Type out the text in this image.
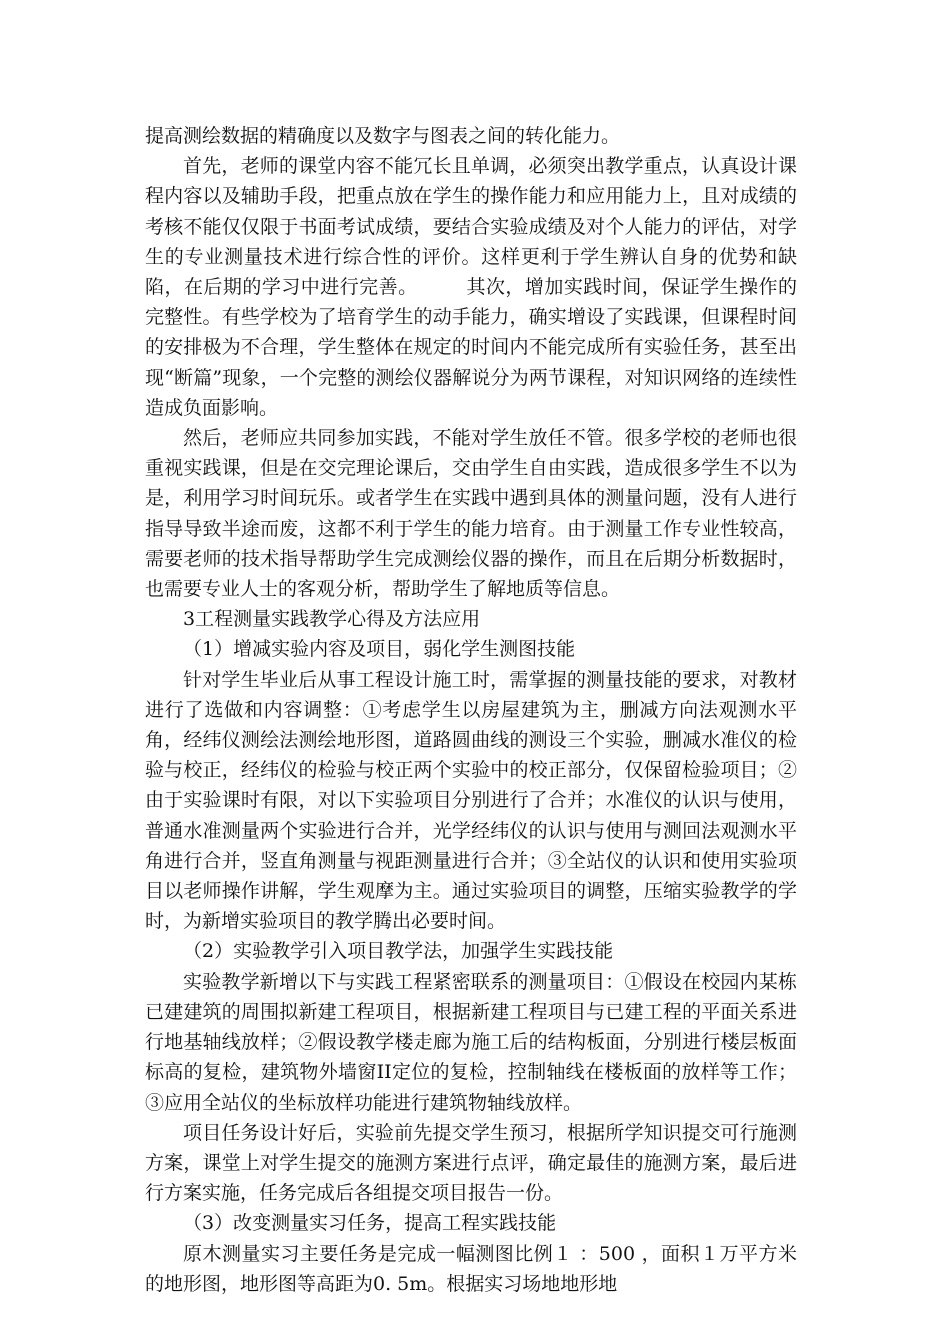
提高测绘数据的精确度以及数字与图表之间的转化能力。

首先，老师的课堂内容不能冗长且单调，必须突出教学重点，认真设计课程内容以及辅助手段，把重点放在学生的操作能力和应用能力上，且对成绩的考核不能仅仅限于书面考试成绩，要结合实验成绩及对个人能力的评估，对学生的专业测量技术进行综合性的评价。这样更利于学生辨认自身的优势和缺陷，在后期的学习中进行完善。　　　其次，增加实践时间，保证学生操作的完整性。有些学校为了培育学生的动手能力，确实增设了实践课，但课程时间的安排极为不合理，学生整体在规定的时间内不能完成所有实验任务，甚至出现“断篇”现象，一个完整的测绘仪器解说分为两节课程，对知识网络的连续性造成负面影响。

然后，老师应共同参加实践，不能对学生放任不管。很多学校的老师也很重视实践课，但是在交完理论课后，交由学生自由实践，造成很多学生不以为是，利用学习时间玩乐。或者学生在实践中遇到具体的测量问题，没有人进行指导导致半途而废，这都不利于学生的能力培育。由于测量工作专业性较高，需要老师的技术指导帮助学生完成测绘仪器的操作，而且在后期分析数据时，也需要专业人士的客观分析，帮助学生了解地质等信息。

3工程测量实践教学心得及方法应用

（1）增减实验内容及项目，弱化学生测图技能

针对学生毕业后从事工程设计施工时，需掌握的测量技能的要求，对教材进行了选做和内容调整：①考虑学生以房屋建筑为主，删减方向法观测水平角，经纬仪测绘法测绘地形图，道路圆曲线的测设三个实验，删减水准仪的检验与校正，经纬仪的检验与校正两个实验中的校正部分，仅保留检验项目；②由于实验课时有限，对以下实验项目分别进行了合并；水准仪的认识与使用，普通水准测量两个实验进行合并，光学经纬仪的认识与使用与测回法观测水平角进行合并，竖直角测量与视距测量进行合并；③全站仪的认识和使用实验项目以老师操作讲解，学生观摩为主。通过实验项目的调整，压缩实验教学的学时，为新增实验项目的教学腾出必要时间。

（2）实验教学引入项目教学法，加强学生实践技能

实验教学新增以下与实践工程紧密联系的测量项目：①假设在校园内某栋已建建筑的周围拟新建工程项目，根据新建工程项目与已建工程的平面关系进行地基轴线放样；②假设教学楼走廊为施工后的结构板面，分别进行楼层板面标高的复检，建筑物外墙窗II定位的复检，控制轴线在楼板面的放样等工作；③应用全站仪的坐标放样功能进行建筑物轴线放样。

项目任务设计好后，实验前先提交学生预习，根据所学知识提交可行施测方案，课堂上对学生提交的施测方案进行点评，确定最佳的施测方案，最后进行方案实施，任务完成后各组提交项目报告一份。

（3）改变测量实习任务，提高工程实践技能

原木测量实习主要任务是完成一幅测图比例１ ：500 ，面积１万平方米的地形图，地形图等高距为0. 5m。根据实习场地地形地
